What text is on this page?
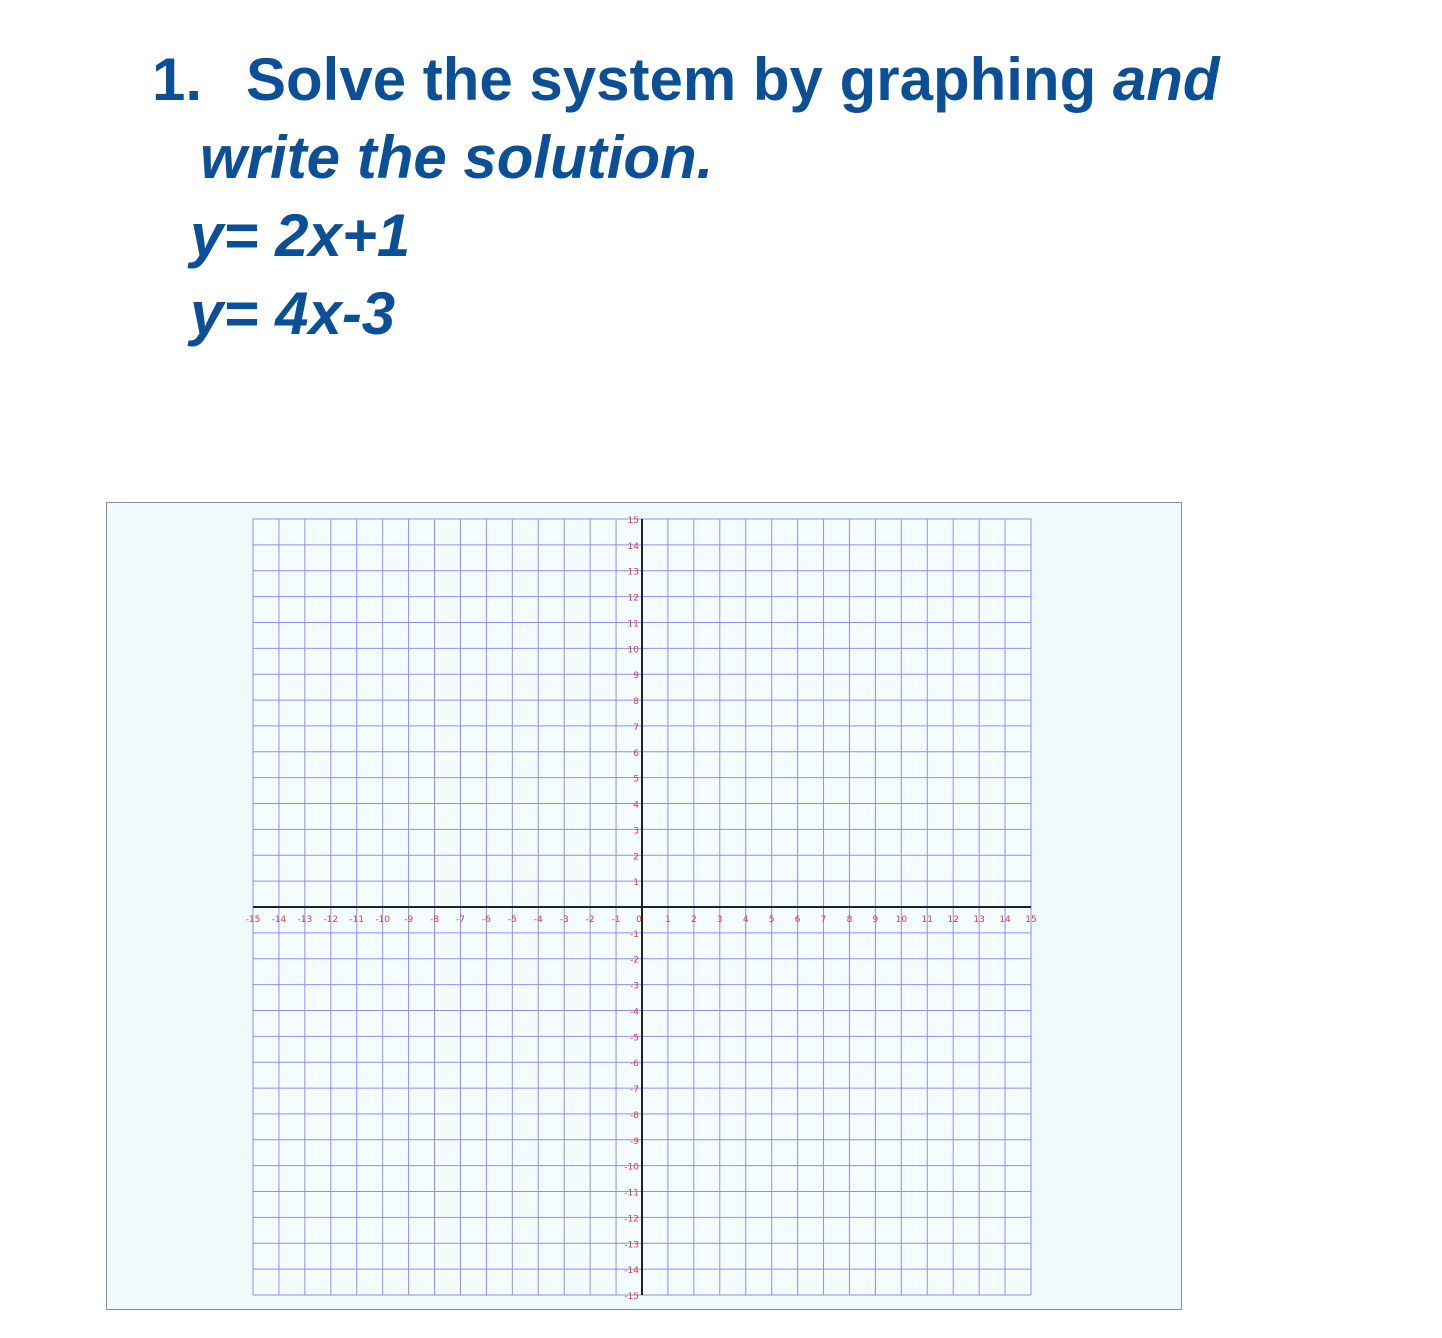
1. Solve the system by graphing and
write the solution.
y= 2x+1
y= 4x-3
-15 -14 -13 -12 -11 -10 -9 -8 -7 -6 -5 -4 -3 -2 -1 0	1 2 3 4 5 6 7 8 9 10 11 12 13 14 15
15
14
13
12
11
10
9
8
7
6
5
4
3
2
1
-1
-2
-3
-4
-5
-6
-7
-8
-9
-10
-11
-12
-13
-14
-15
